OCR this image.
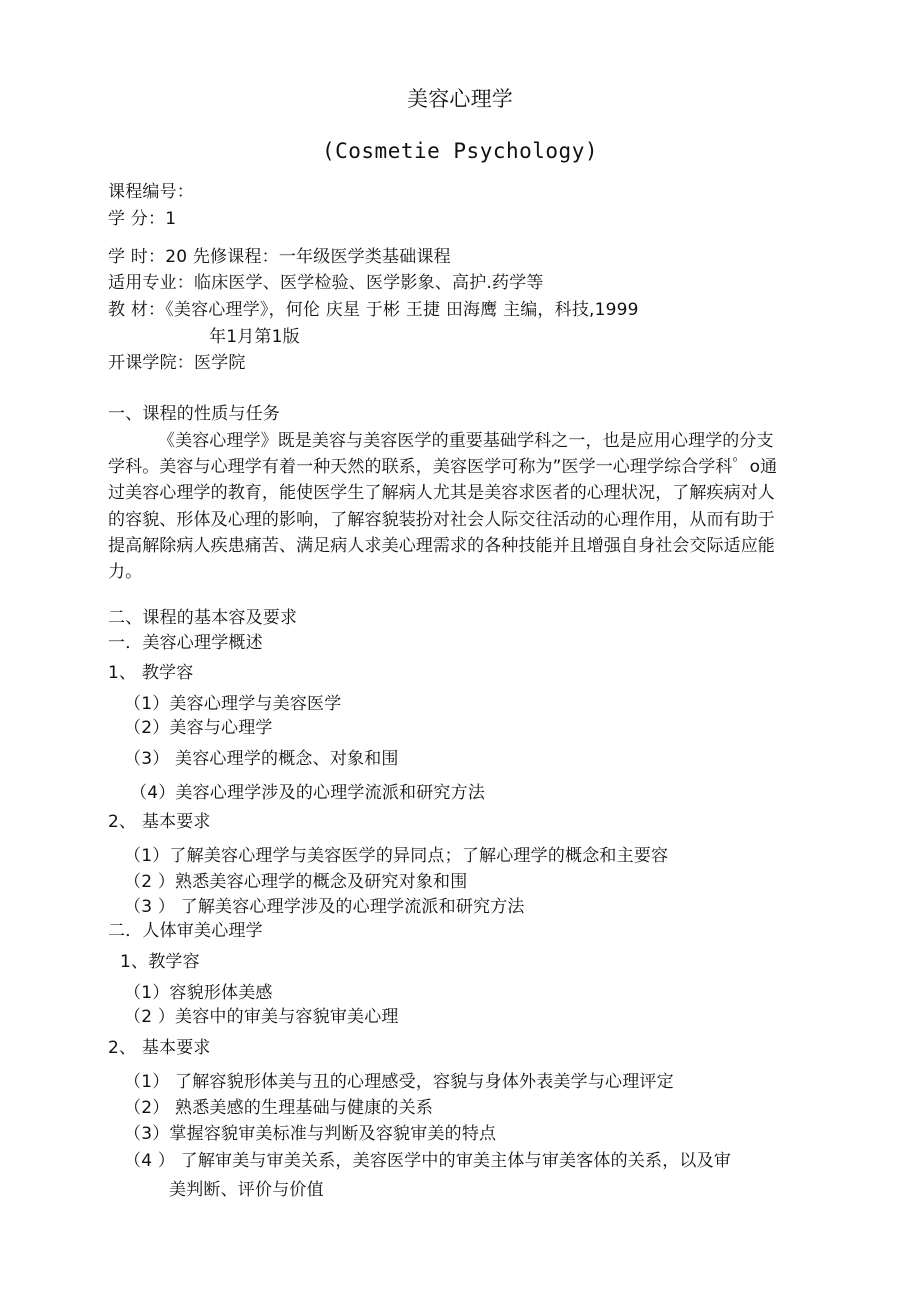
美容心理学
(Cosmetie Psychology)
课程编号：
学 分：1
学 时：20 先修课程：一年级医学类基础课程
适用专业：临床医学、医学检验、医学影象、高护.药学等
教 材：《美容心理学》，何伦 庆星 于彬 王捷 田海鹰 主编，科技,1999
年1月第1版
开课学院：医学院
一、课程的性质与任务
《美容心理学》既是美容与美容医学的重要基础学科之一，也是应用心理学的分支学科。美容与心理学有着一种天然的联系，美容医学可称为”医学一心理学综合学科゜o通过美容心理学的教育，能使医学生了解病人尤其是美容求医者的心理状况，了解疾病对人的容貌、形体及心理的影响，了解容貌装扮对社会人际交往活动的心理作用，从而有助于提高解除病人疾患痛苦、满足病人求美心理需求的各种技能并且增强自身社会交际适应能力。
二、课程的基本容及要求
一．美容心理学概述
1、 教学容
（1）美容心理学与美容医学
（2）美容与心理学
（3） 美容心理学的概念、对象和围
（4）美容心理学涉及的心理学流派和研究方法
2、 基本要求
（1）了解美容心理学与美容医学的异同点；了解心理学的概念和主要容
（2 ）熟悉美容心理学的概念及研究对象和围
（3 ） 了解美容心理学涉及的心理学流派和研究方法
二．人体审美心理学
1、教学容
（1）容貌形体美感
（2 ）美容中的审美与容貌审美心理
2、 基本要求
（1） 了解容貌形体美与丑的心理感受，容貌与身体外表美学与心理评定
（2） 熟悉美感的生理基础与健康的关系
（3）掌握容貌审美标准与判断及容貌审美的特点
（4 ） 了解审美与审美关系，美容医学中的审美主体与审美客体的关系，以及审
美判断、评价与价值
